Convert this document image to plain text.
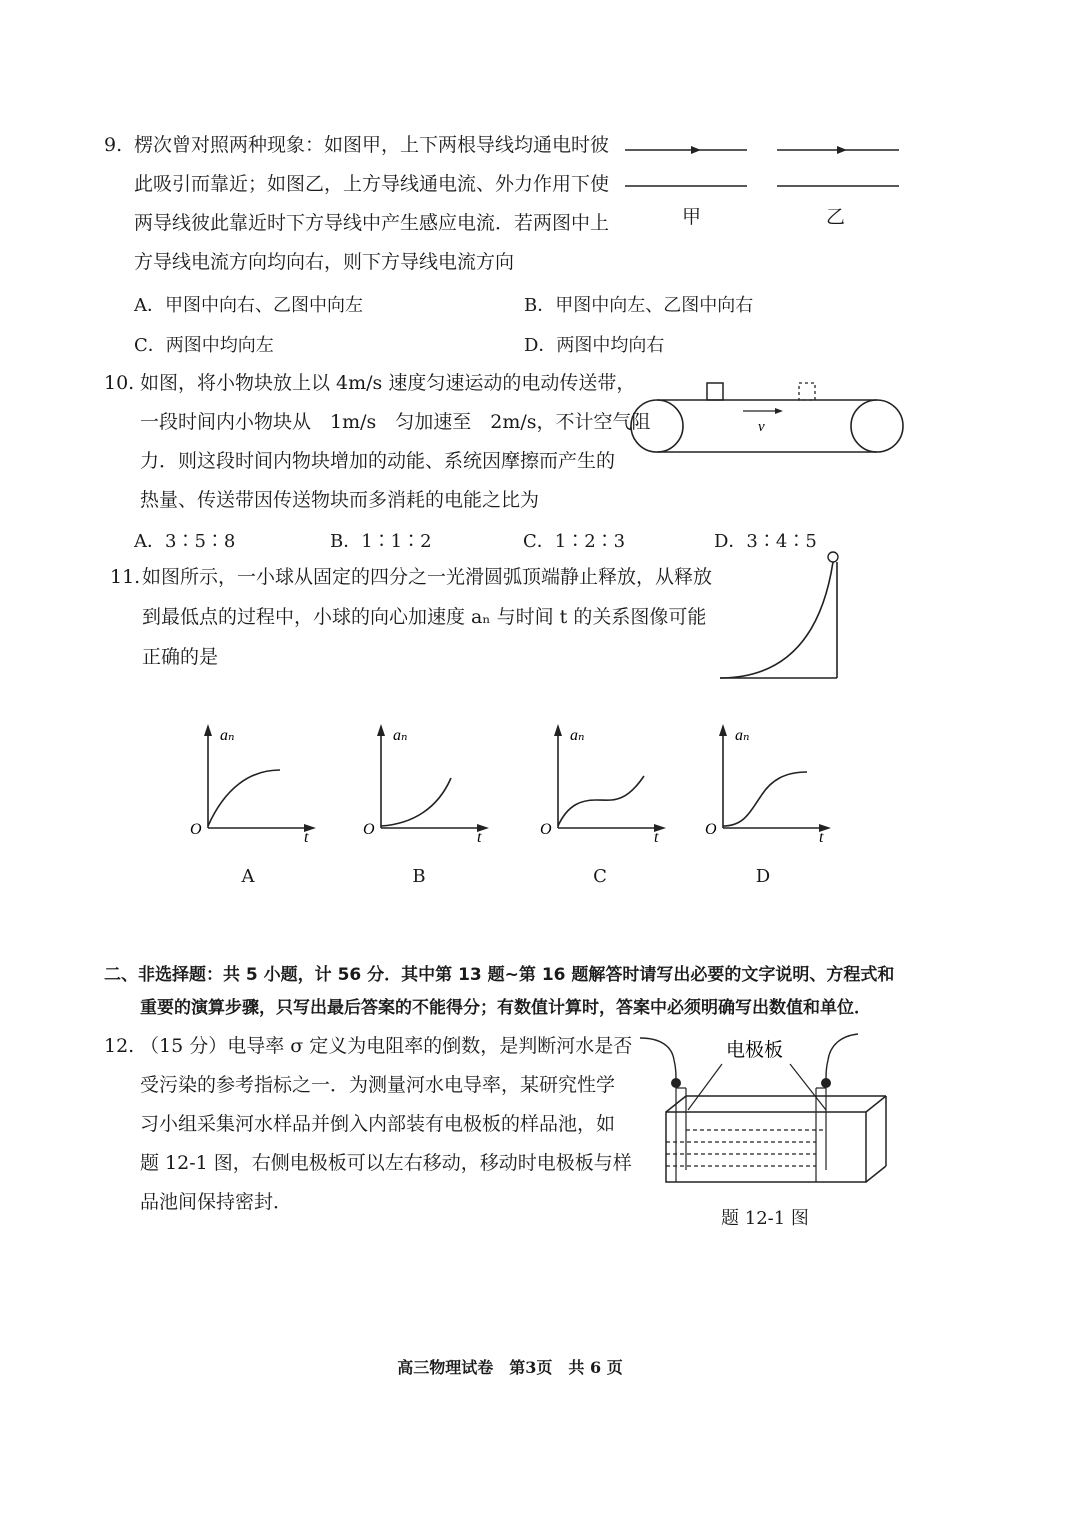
9. 楞次曾对照两种现象：如图甲，上下两根导线均通电时彼
此吸引而靠近；如图乙，上方导线通电流、外力作用下使
两导线彼此靠近时下方导线中产生感应电流．若两图中上
方导线电流方向均向右，则下方导线电流方向
甲	乙
A．甲图中向右、乙图中向左	B．甲图中向左、乙图中向右
C．两图中均向左	D．两图中均向右
10. 如图，将小物块放上以 4m/s 速度匀速运动的电动传送带，
一段时间内小物块从　1m/s　匀加速至　2m/s，不计空气阻
力．则这段时间内物块增加的动能、系统因摩擦而产生的
热量、传送带因传送物块而多消耗的电能之比为
v
A．3∶5∶8	B．1∶1∶2	C．1∶2∶3	D．3∶4∶5
11. 如图所示，一小球从固定的四分之一光滑圆弧顶端静止释放，从释放
到最低点的过程中，小球的向心加速度 aₙ 与时间 t 的关系图像可能
正确的是
aₙ
O	t
aₙ
O	t
aₙ
O	t
aₙ
O	t
A	B	C	D
二、非选择题：共 5 小题，计 56 分．其中第 13 题~第 16 题解答时请写出必要的文字说明、方程式和
重要的演算步骤，只写出最后答案的不能得分；有数值计算时，答案中必须明确写出数值和单位．
12. （15 分）电导率 σ 定义为电阻率的倒数，是判断河水是否
受污染的参考指标之一．为测量河水电导率，某研究性学
习小组采集河水样品并倒入内部装有电极板的样品池，如
题 12-1 图，右侧电极板可以左右移动，移动时电极板与样
品池间保持密封．
电极板
题 12-1 图
高三物理试卷　第3页　共 6 页
